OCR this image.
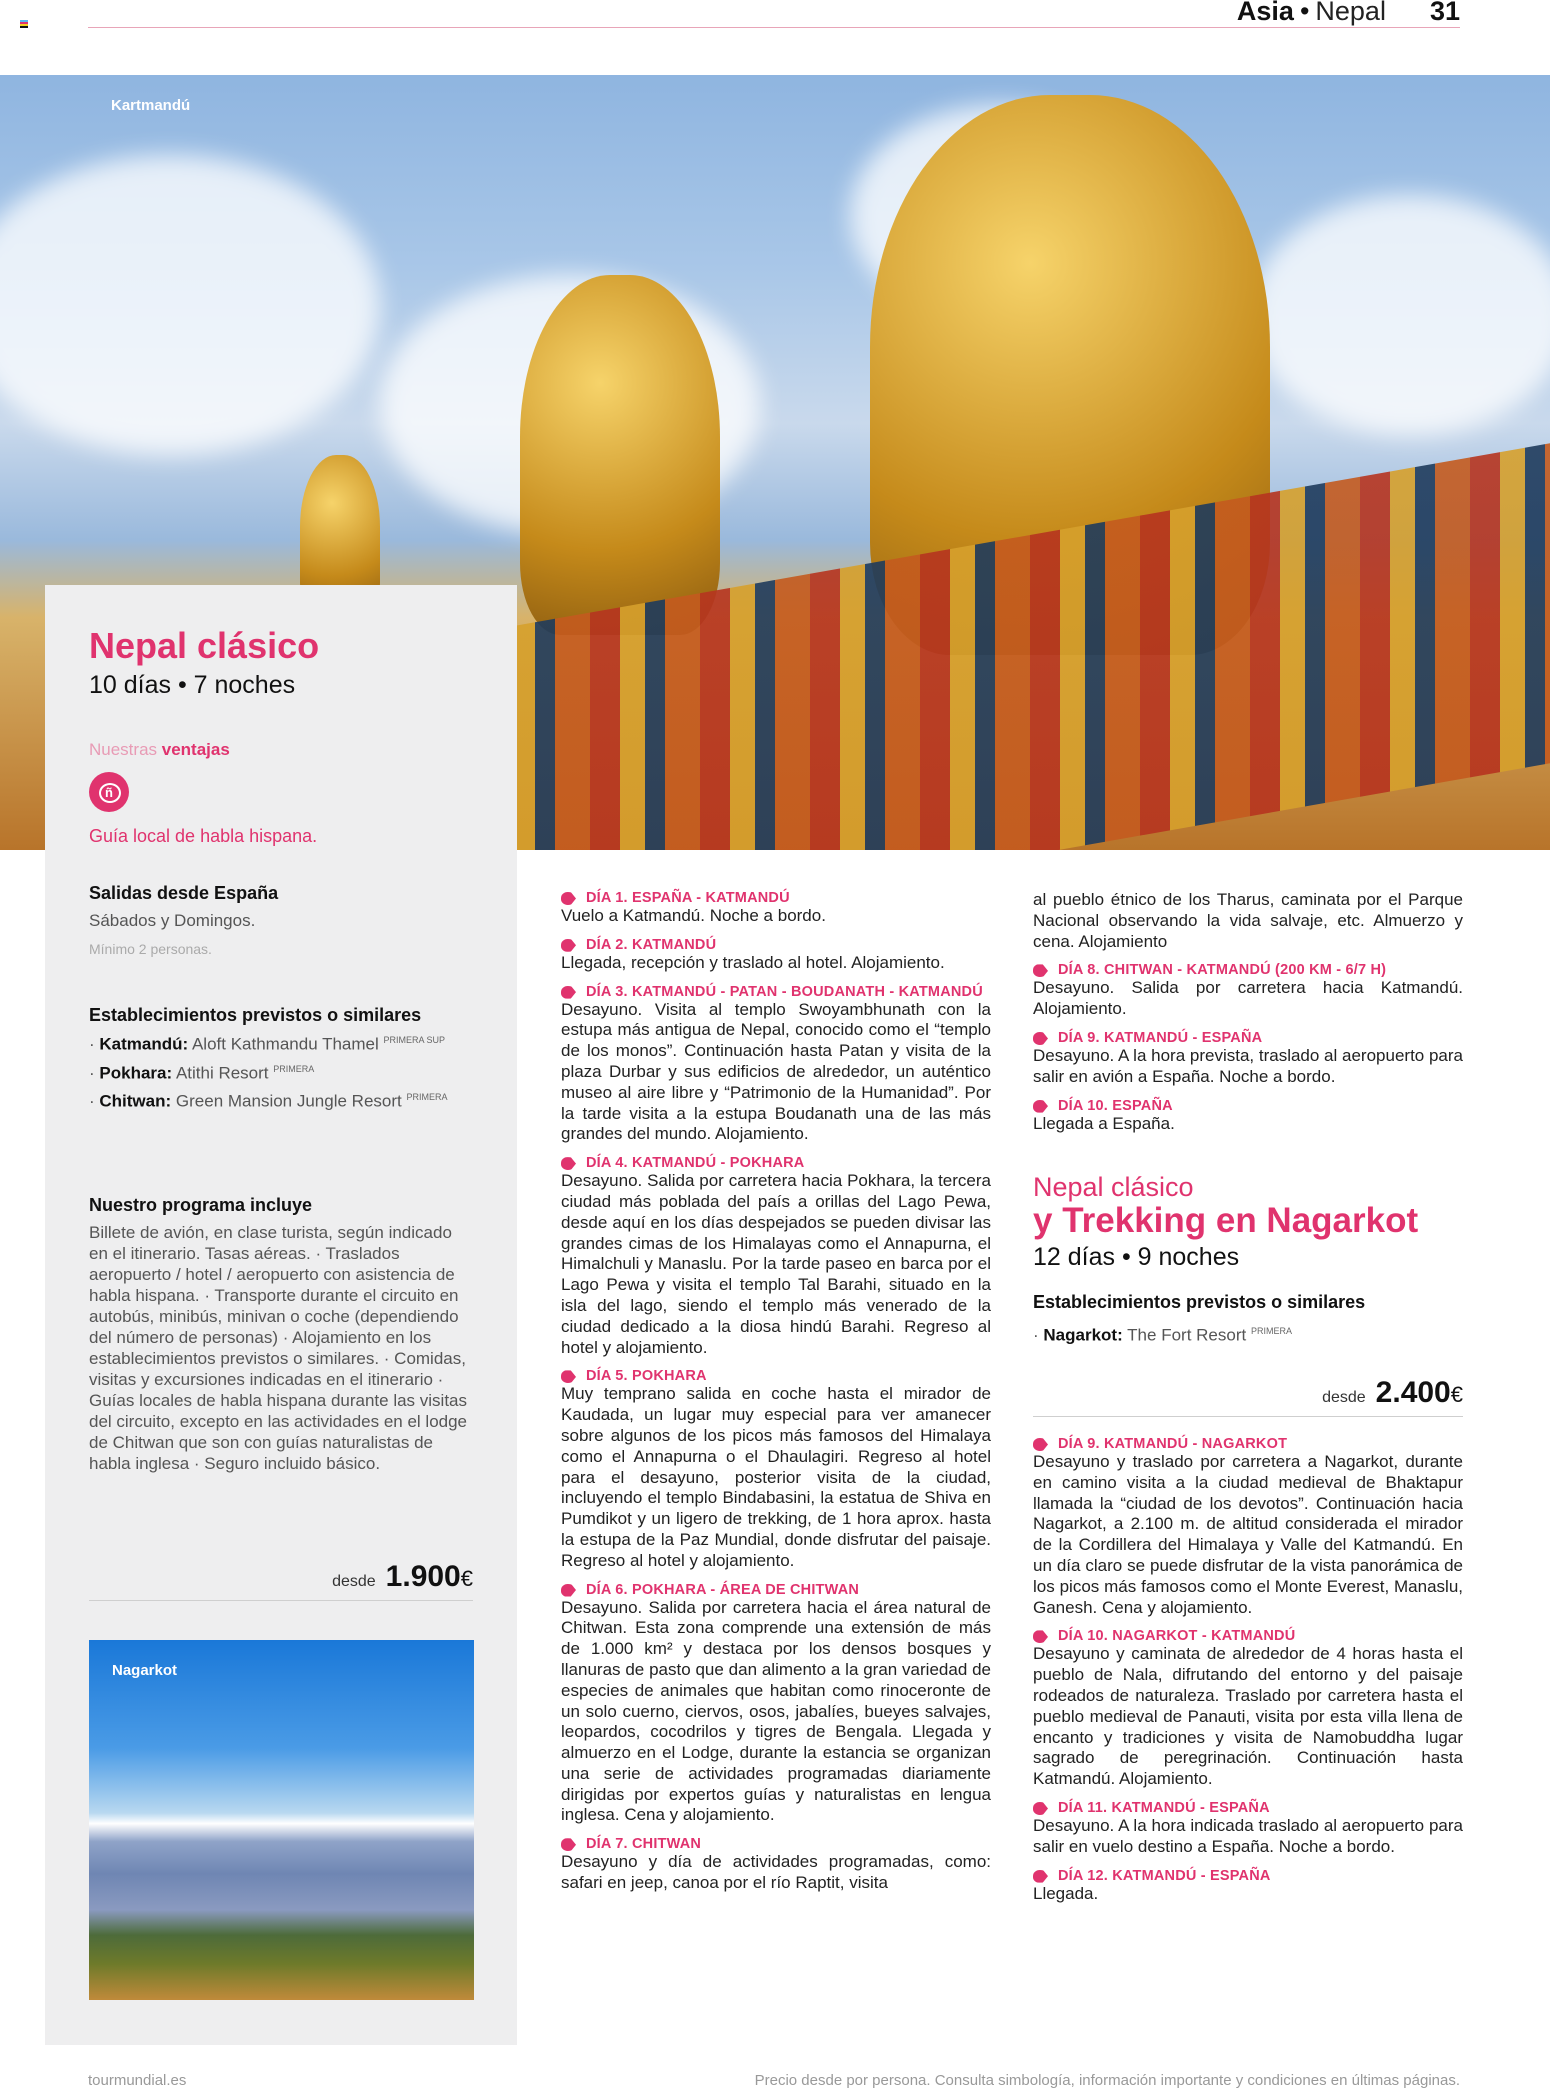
Asia • Nepal 31
Kartmandú
Nepal clásico
10 días • 7 noches
Nuestras ventajas
ñ
Guía local de habla hispana.
Salidas desde España
Sábados y Domingos.
Mínimo 2 personas.
Establecimientos previstos o similares
· Katmandú: Aloft Kathmandu Thamel $^{PRIMERA SUP}$
· Pokhara: Atithi Resort $^{PRIMERA}$
· Chitwan: Green Mansion Jungle Resort $^{PRIMERA}$
Nuestro programa incluye
Billete de avión, en clase turista, según indicado en el itinerario. Tasas aéreas. · Traslados aeropuerto / hotel / aeropuerto con asistencia de habla hispana. · Transporte durante el circuito en autobús, minibús, minivan o coche (dependiendo del número de personas) · Alojamiento en los establecimientos previstos o similares. · Comidas, visitas y excursiones indicadas en el itinerario · Guías locales de habla hispana durante las visitas del circuito, excepto en las actividades en el lodge de Chitwan que son con guías naturalistas de habla inglesa · Seguro incluido básico.
desde 1.900€
Nagarkot
DÍA 1. ESPAÑA - KATMANDÚ
Vuelo a Katmandú. Noche a bordo.
DÍA 2. KATMANDÚ
Llegada, recepción y traslado al hotel. Alojamiento.
DÍA 3. KATMANDÚ - PATAN - BOUDANATH - KATMANDÚ
Desayuno. Visita al templo Swoyambhunath con la estupa más antigua de Nepal, conocido como el “templo de los monos”. Continuación hasta Patan y visita de la plaza Durbar y sus edificios de alrededor, un auténtico museo al aire libre y “Patrimonio de la Humanidad”. Por la tarde visita a la estupa Boudanath una de las más grandes del mundo. Alojamiento.
DÍA 4. KATMANDÚ - POKHARA
Desayuno. Salida por carretera hacia Pokhara, la tercera ciudad más poblada del país a orillas del Lago Pewa, desde aquí en los días despejados se pueden divisar las grandes cimas de los Himalayas como el Annapurna, el Himalchuli y Manaslu. Por la tarde paseo en barca por el Lago Pewa y visita el templo Tal Barahi, situado en la isla del lago, siendo el templo más venerado de la ciudad dedicado a la diosa hindú Barahi. Regreso al hotel y alojamiento.
DÍA 5. POKHARA
Muy temprano salida en coche hasta el mirador de Kaudada, un lugar muy especial para ver amanecer sobre algunos de los picos más famosos del Himalaya como el Annapurna o el Dhaulagiri. Regreso al hotel para el desayuno, posterior visita de la ciudad, incluyendo el templo Bindabasini, la estatua de Shiva en Pumdikot y un ligero de trekking, de 1 hora aprox. hasta la estupa de la Paz Mundial, donde disfrutar del paisaje. Regreso al hotel y alojamiento.
DÍA 6. POKHARA - ÁREA DE CHITWAN
Desayuno. Salida por carretera hacia el área natural de Chitwan. Esta zona comprende una extensión de más de 1.000 km² y destaca por los densos bosques y llanuras de pasto que dan alimento a la gran variedad de especies de animales que habitan como rinoceronte de un solo cuerno, ciervos, osos, jabalíes, bueyes salvajes, leopardos, cocodrilos y tigres de Bengala. Llegada y almuerzo en el Lodge, durante la estancia se organizan una serie de actividades programadas diariamente dirigidas por expertos guías y naturalistas en lengua inglesa. Cena y alojamiento.
DÍA 7. CHITWAN
Desayuno y día de actividades programadas, como: safari en jeep, canoa por el río Raptit, visita
al pueblo étnico de los Tharus, caminata por el Parque Nacional observando la vida salvaje, etc. Almuerzo y cena. Alojamiento
DÍA 8. CHITWAN - KATMANDÚ (200 KM - 6/7 H)
Desayuno. Salida por carretera hacia Katmandú. Alojamiento.
DÍA 9. KATMANDÚ - ESPAÑA
Desayuno. A la hora prevista, traslado al aeropuerto para salir en avión a España. Noche a bordo.
DÍA 10. ESPAÑA
Llegada a España.
Nepal clásico
y Trekking en Nagarkot
12 días • 9 noches
Establecimientos previstos o similares
· Nagarkot: The Fort Resort $^{PRIMERA}$
desde 2.400€
DÍA 9. KATMANDÚ - NAGARKOT
Desayuno y traslado por carretera a Nagarkot, durante en camino visita a la ciudad medieval de Bhaktapur llamada la “ciudad de los devotos”. Continuación hacia Nagarkot, a 2.100 m. de altitud considerada el mirador de la Cordillera del Himalaya y Valle del Katmandú. En un día claro se puede disfrutar de la vista panorámica de los picos más famosos como el Monte Everest, Manaslu, Ganesh. Cena y alojamiento.
DÍA 10. NAGARKOT - KATMANDÚ
Desayuno y caminata de alrededor de 4 horas hasta el pueblo de Nala, difrutando del entorno y del paisaje rodeados de naturaleza. Traslado por carretera hasta el pueblo medieval de Panauti, visita por esta villa llena de encanto y tradiciones y visita de Namobuddha lugar sagrado de peregrinación. Continuación hasta Katmandú. Alojamiento.
DÍA 11. KATMANDÚ - ESPAÑA
Desayuno. A la hora indicada traslado al aeropuerto para salir en vuelo destino a España. Noche a bordo.
DÍA 12. KATMANDÚ - ESPAÑA
Llegada.
tourmundial.es	Precio desde por persona. Consulta simbología, información importante y condiciones en últimas páginas.
